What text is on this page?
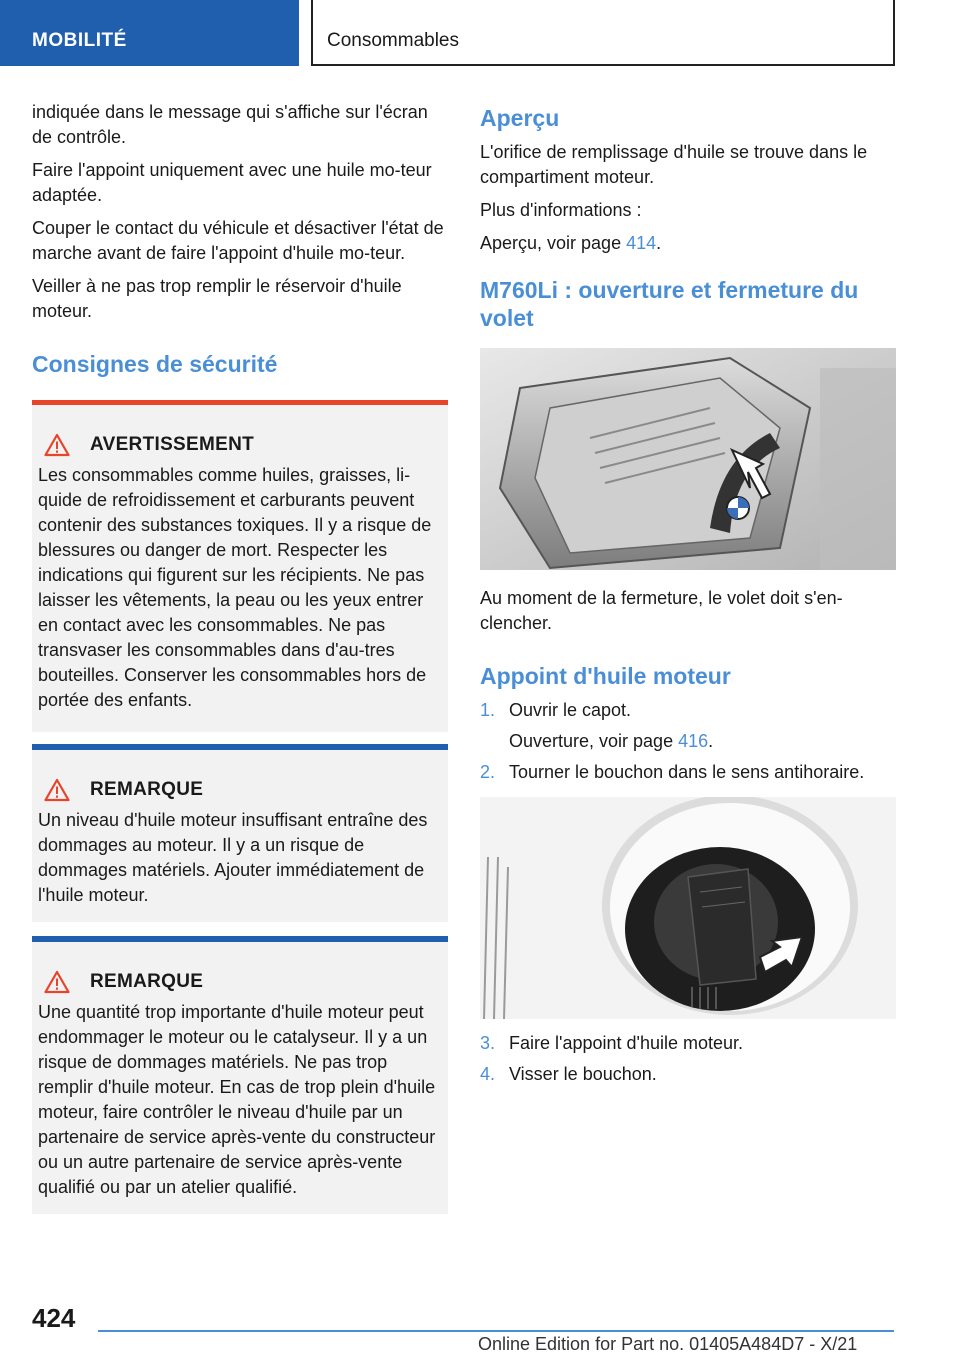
MOBILITÉ	Consommables

indiquée dans le message qui s'affiche sur l'écran de contrôle.

Faire l'appoint uniquement avec une huile mo-teur adaptée.

Couper le contact du véhicule et désactiver l'état de marche avant de faire l'appoint d'huile mo-teur.

Veiller à ne pas trop remplir le réservoir d'huile moteur.

Consignes de sécurité
AVERTISSEMENT
Les consommables comme huiles, graisses, li-quide de refroidissement et carburants peuvent contenir des substances toxiques. Il y a risque de blessures ou danger de mort. Respecter les indications qui figurent sur les récipients. Ne pas laisser les vêtements, la peau ou les yeux entrer en contact avec les consommables. Ne pas transvaser les consommables dans d'au-tres bouteilles. Conserver les consommables hors de portée des enfants.
REMARQUE
Un niveau d'huile moteur insuffisant entraîne des dommages au moteur. Il y a un risque de dommages matériels. Ajouter immédiatement de l'huile moteur.
REMARQUE
Une quantité trop importante d'huile moteur peut endommager le moteur ou le catalyseur. Il y a un risque de dommages matériels. Ne pas trop remplir d'huile moteur. En cas de trop plein d'huile moteur, faire contrôler le niveau d'huile par un partenaire de service après-vente du constructeur ou un autre partenaire de service après-vente qualifié ou par un atelier qualifié.
Aperçu

L'orifice de remplissage d'huile se trouve dans le compartiment moteur.

Plus d'informations :

Aperçu, voir page 414.

M760Li : ouverture et fermeture du volet

Au moment de la fermeture, le volet doit s'en-clencher.

Appoint d'huile moteur
1. Ouvrir le capot.
Ouverture, voir page 416.
2. Tourner le bouchon dans le sens antihoraire.
3. Faire l'appoint d'huile moteur.
4. Visser le bouchon.
424
Online Edition for Part no. 01405A484D7 - X/21
